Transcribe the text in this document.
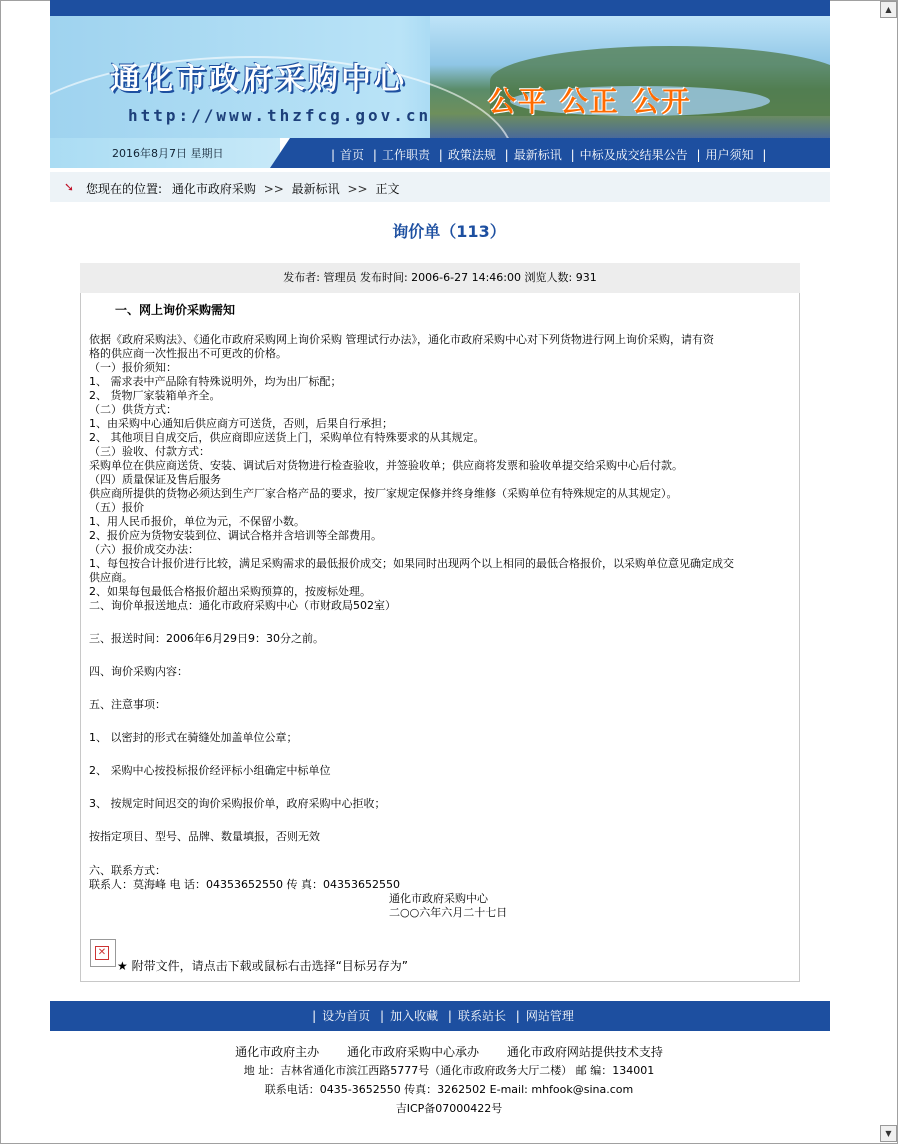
▲
▼
通化市政府采购中心
http://www.thzfcg.gov.cn 公平 公正 公开
2016年8月7日 星期日	| 首页 | 工作职责 | 政策法规 | 最新标讯 | 中标及成交结果公告 | 用户须知 |
➘ 您现在的位置: 通化市政府采购 >> 最新标讯 >> 正文
询价单（113）
发布者: 管理员 发布时间: 2006-6-27 14:46:00 浏览人数: 931
一、网上询价采购需知
依据《政府采购法》、《通化市政府采购网上询价采购 管理试行办法》，通化市政府采购中心对下列货物进行网上询价采购，请有资
格的供应商一次性报出不可更改的价格。
（一）报价须知：
1、 需求表中产品除有特殊说明外，均为出厂标配；
2、 货物厂家装箱单齐全。
（二）供货方式：
1、由采购中心通知后供应商方可送货，否则，后果自行承担；
2、 其他项目自成交后，供应商即应送货上门，采购单位有特殊要求的从其规定。
（三）验收、付款方式：
采购单位在供应商送货、安装、调试后对货物进行检查验收，并签验收单；供应商将发票和验收单提交给采购中心后付款。
（四）质量保证及售后服务
供应商所提供的货物必须达到生产厂家合格产品的要求，按厂家规定保修并终身维修（采购单位有特殊规定的从其规定）。
（五）报价
1、用人民币报价，单位为元，不保留小数。
2、报价应为货物安装到位、调试合格并含培训等全部费用。
（六）报价成交办法：
1、每包按合计报价进行比较，满足采购需求的最低报价成交；如果同时出现两个以上相同的最低合格报价，以采购单位意见确定成交
供应商。
2、如果每包最低合格报价超出采购预算的，按废标处理。
二、询价单报送地点：通化市政府采购中心（市财政局502室）
三、报送时间：2006年6月29日9：30分之前。
四、询价采购内容：
五、注意事项：
1、 以密封的形式在骑缝处加盖单位公章；
2、 采购中心按投标报价经评标小组确定中标单位
3、 按规定时间迟交的询价采购报价单，政府采购中心拒收；
按指定项目、型号、品牌、数量填报，否则无效
六、联系方式：
联系人：莫海峰 电 话：04353652550 传 真：04353652550
通化市政府采购中心
二○○六年六月二十七日
✕
★ 附带文件，请点击下载或鼠标右击选择“目标另存为”
| 设为首页 | 加入收藏 | 联系站长 | 网站管理
通化市政府主办 通化市政府采购中心承办 通化市政府网站提供技术支持
地 址：吉林省通化市滨江西路5777号（通化市政府政务大厅二楼） 邮 编：134001
联系电话：0435-3652550 传真：3262502 E-mail: mhfook@sina.com
吉ICP备07000422号
